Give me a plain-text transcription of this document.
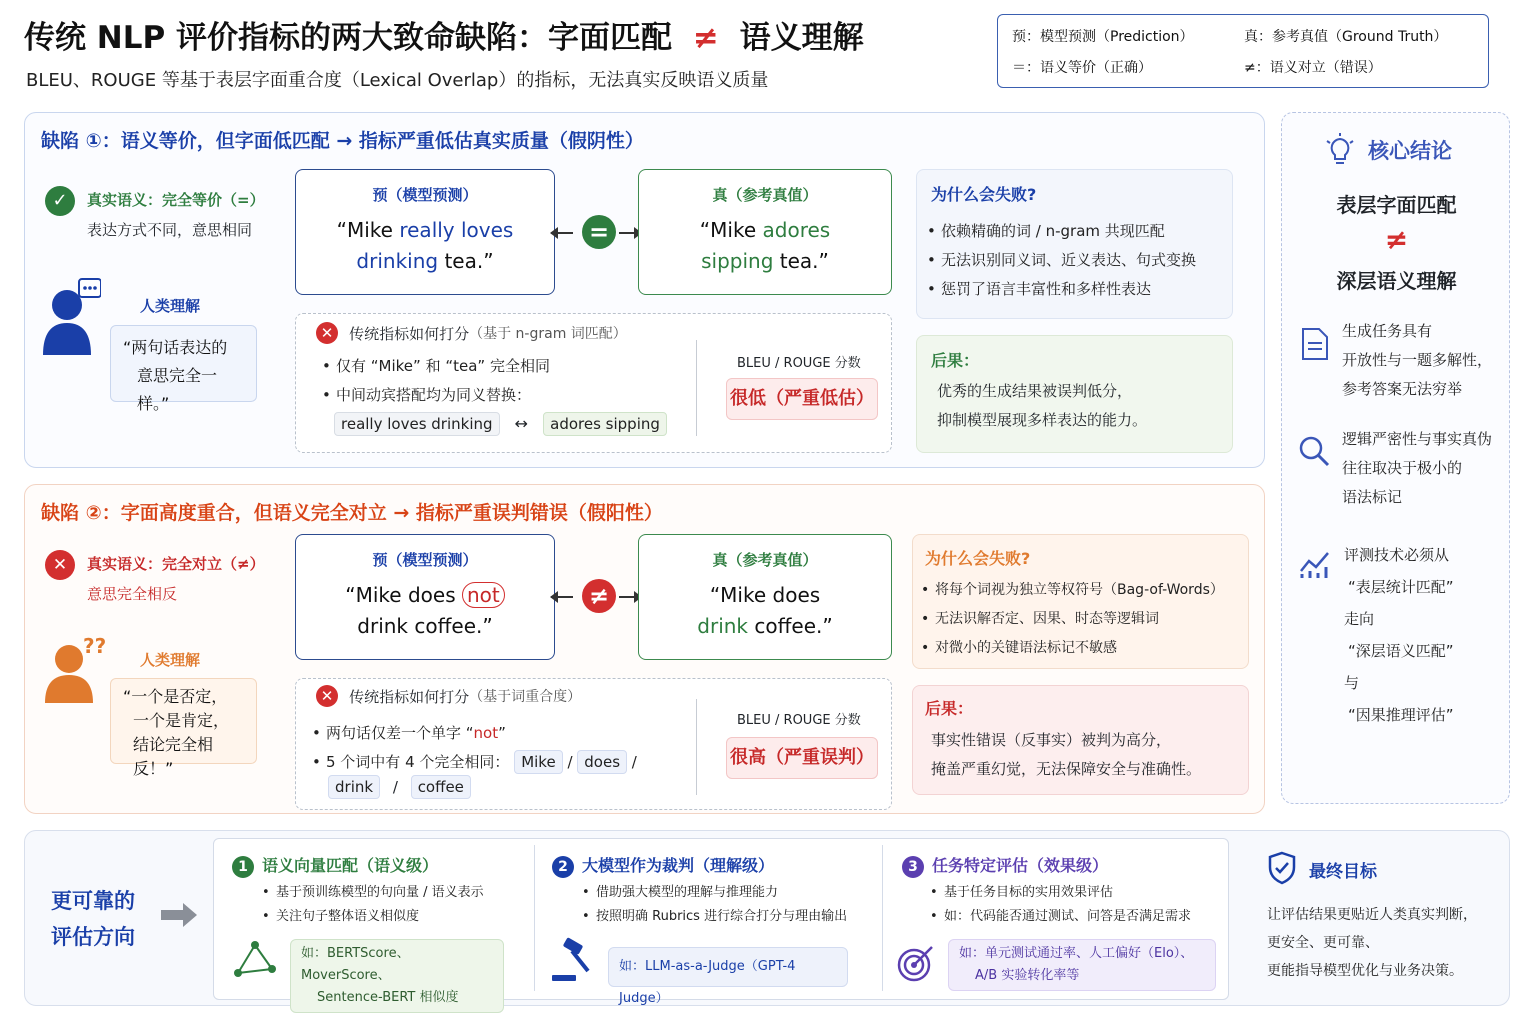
传统 NLP 评价指标的两大致命缺陷：字面匹配 ≠ 语义理解
BLEU、ROUGE 等基于表层字面重合度（Lexical Overlap）的指标，无法真实反映语义质量
预：模型预测（Prediction）	真：参考真值（Ground Truth）
＝：语义等价（正确）	≠：语义对立（错误）
缺陷 ①：语义等价，但字面低匹配 → 指标严重低估真实质量（假阴性）
✓	真实语义：完全等价（=）
表达方式不同，意思相同
人类理解
“两句话表达的
意思完全一样。”
预（模型预测）
“Mike really loves
drinking tea.”
=
真（参考真值）
“Mike adores
sipping tea.”
✕ 传统指标如何打分（基于 n-gram 词匹配）
• 仅有 “Mike” 和 “tea” 完全相同
• 中间动宾搭配均为同义替换：
really loves drinking ↔ adores sipping
BLEU / ROUGE 分数
很低（严重低估）
为什么会失败?
• 依赖精确的词 / n-gram 共现匹配
• 无法识别同义词、近义表达、句式变换
• 惩罚了语言丰富性和多样性表达
后果：
优秀的生成结果被误判低分，
抑制模型展现多样表达的能力。
缺陷 ②：字面高度重合，但语义完全对立 → 指标严重误判错误（假阳性）
✕	真实语义：完全对立（≠）
意思完全相反
??
人类理解
“一个是否定，
一个是肯定，
结论完全相反！”
预（模型预测）
“Mike does not
drink coffee.”
≠
真（参考真值）
“Mike does
drink coffee.”
✕ 传统指标如何打分（基于词重合度）
• 两句话仅差一个单字 “not”
• 5 个词中有 4 个完全相同： Mike / does /
drink / coffee
BLEU / ROUGE 分数
很高（严重误判）
为什么会失败?
• 将每个词视为独立等权符号（Bag-of-Words）
• 无法识解否定、因果、时态等逻辑词
• 对微小的关键语法标记不敏感
后果：
事实性错误（反事实）被判为高分，
掩盖严重幻觉，无法保障安全与准确性。
核心结论
表层字面匹配
≠
深层语义理解
生成任务具有
开放性与一题多解性，
参考答案无法穷举
逻辑严密性与事实真伪
往往取决于极小的
语法标记
评测技术必须从
“表层统计匹配”
走向
“深层语义匹配”
与
“因果推理评估”
更可靠的
评估方向
1 语义向量匹配（语义级）
• 基于预训练模型的句向量 / 语义表示
• 关注句子整体语义相似度
如：BERTScore、MoverScore、
Sentence-BERT 相似度
2 大模型作为裁判（理解级）
• 借助强大模型的理解与推理能力
• 按照明确 Rubrics 进行综合打分与理由输出
如：LLM-as-a-Judge（GPT-4 Judge）
3 任务特定评估（效果级）
• 基于任务目标的实用效果评估
• 如：代码能否通过测试、问答是否满足需求
如：单元测试通过率、人工偏好（Elo）、
A/B 实验转化率等
最终目标
让评估结果更贴近人类真实判断，
更安全、更可靠、
更能指导模型优化与业务决策。
